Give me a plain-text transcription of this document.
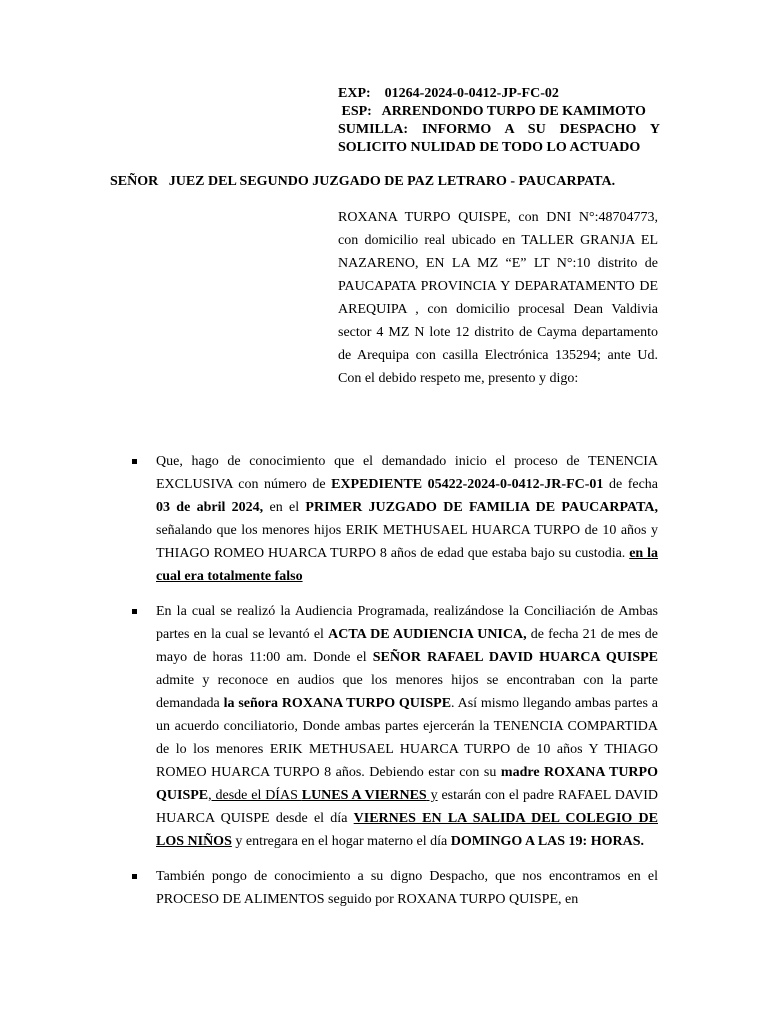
EXP: 01264-2024-0-0412-JP-FC-02
ESP: ARRENDONDO TURPO DE KAMIMOTO
SUMILLA: INFORMO A SU DESPACHO Y
SOLICITO NULIDAD DE TODO LO ACTUADO
SEÑOR JUEZ DEL SEGUNDO JUZGADO DE PAZ LETRARO - PAUCARPATA.
ROXANA TURPO QUISPE, con DNI N°:48704773, con domicilio real ubicado en TALLER GRANJA EL NAZARENO, EN LA MZ “E” LT N°:10 distrito de PAUCAPATA PROVINCIA Y DEPARATAMENTO DE AREQUIPA , con domicilio procesal Dean Valdivia sector 4 MZ N lote 12 distrito de Cayma departamento de Arequipa con casilla Electrónica 135294; ante Ud. Con el debido respeto me, presento y digo:
Que, hago de conocimiento que el demandado inicio el proceso de TENENCIA EXCLUSIVA con número de EXPEDIENTE 05422-2024-0-0412-JR-FC-01 de fecha 03 de abril 2024, en el PRIMER JUZGADO DE FAMILIA DE PAUCARPATA, señalando que los menores hijos ERIK METHUSAEL HUARCA TURPO de 10 años y THIAGO ROMEO HUARCA TURPO 8 años de edad que estaba bajo su custodia. en la cual era totalmente falso
En la cual se realizó la Audiencia Programada, realizándose la Conciliación de Ambas partes en la cual se levantó el ACTA DE AUDIENCIA UNICA, de fecha 21 de mes de mayo de horas 11:00 am. Donde el SEÑOR RAFAEL DAVID HUARCA QUISPE admite y reconoce en audios que los menores hijos se encontraban con la parte demandada la señora ROXANA TURPO QUISPE. Así mismo llegando ambas partes a un acuerdo conciliatorio, Donde ambas partes ejercerán la TENENCIA COMPARTIDA de lo los menores ERIK METHUSAEL HUARCA TURPO de 10 años Y THIAGO ROMEO HUARCA TURPO 8 años. Debiendo estar con su madre ROXANA TURPO QUISPE, desde el DÍAS LUNES A VIERNES y estarán con el padre RAFAEL DAVID HUARCA QUISPE desde el día VIERNES EN LA SALIDA DEL COLEGIO DE LOS NIÑOS y entregara en el hogar materno el día DOMINGO A LAS 19: HORAS.
También pongo de conocimiento a su digno Despacho, que nos encontramos en el PROCESO DE ALIMENTOS seguido por ROXANA TURPO QUISPE, en
